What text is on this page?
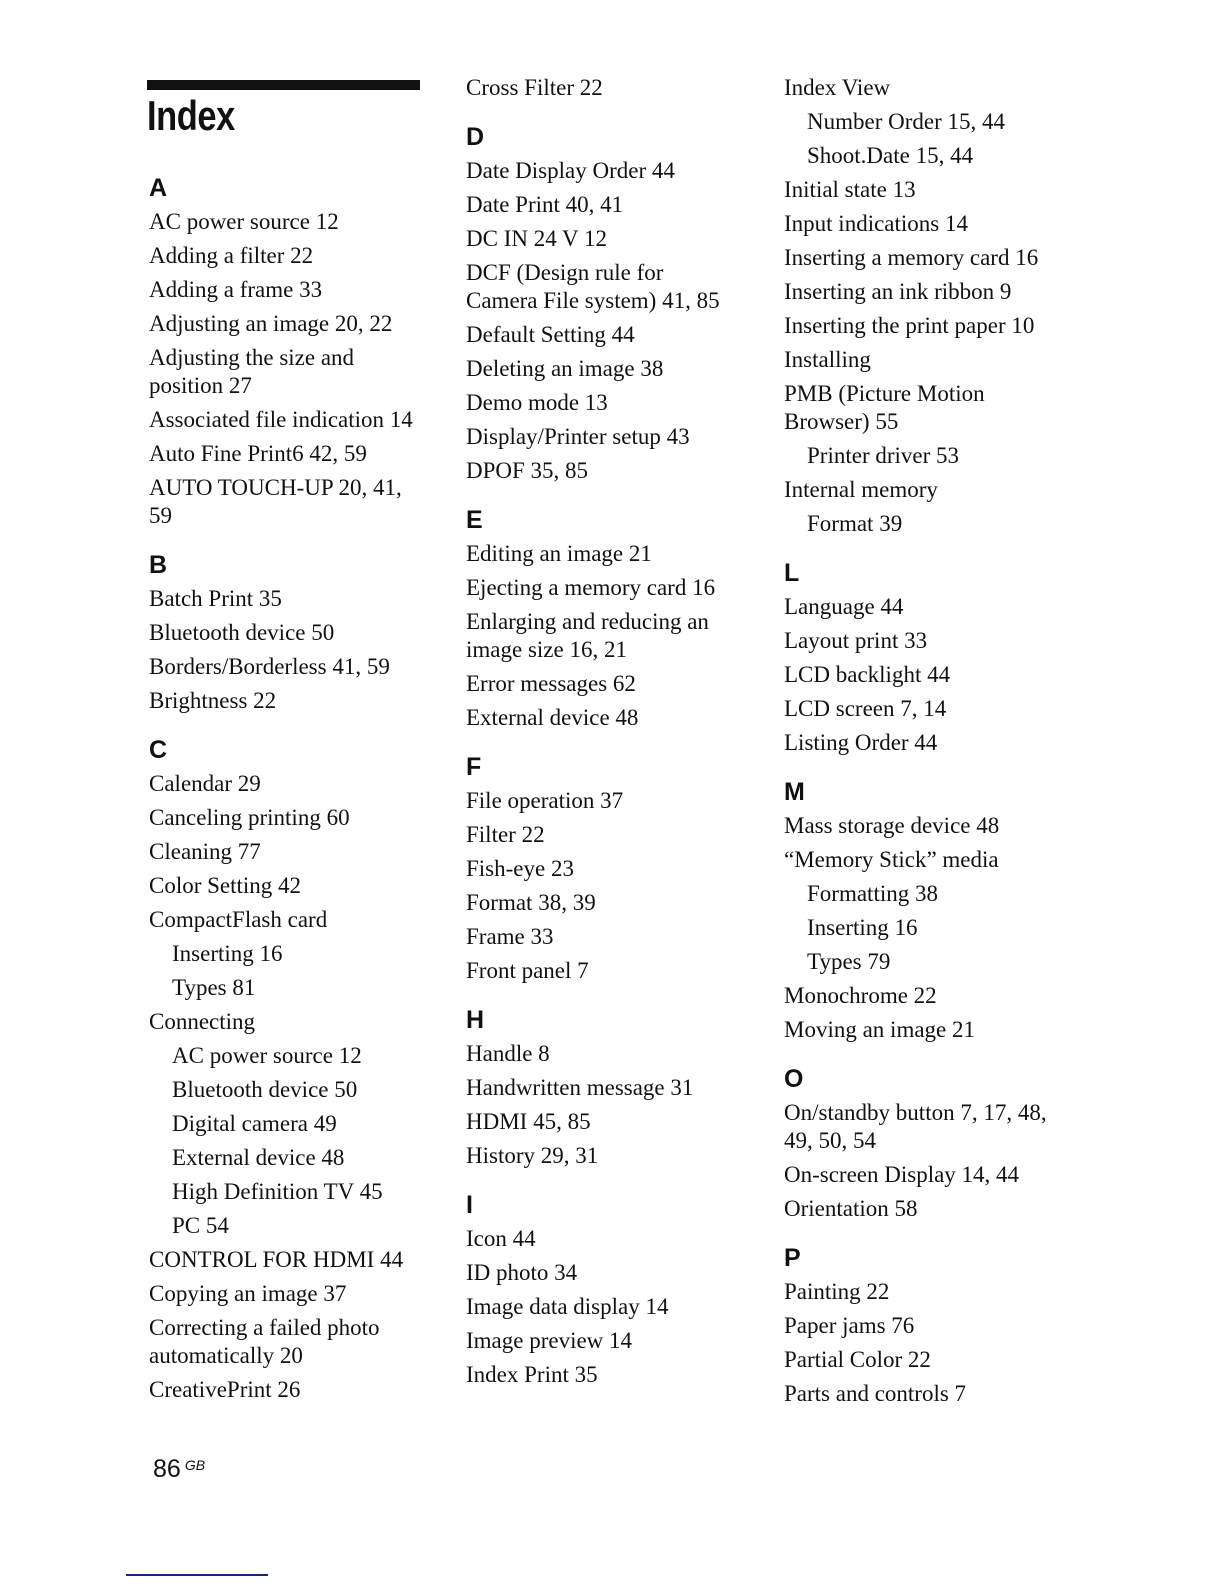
Index
A
AC power source 12
Adding a filter 22
Adding a frame 33
Adjusting an image 20, 22
Adjusting the size and
position 27
Associated file indication 14
Auto Fine Print6 42, 59
AUTO TOUCH-UP 20, 41,
59
B
Batch Print 35
Bluetooth device 50
Borders/Borderless 41, 59
Brightness 22
C
Calendar 29
Canceling printing 60
Cleaning 77
Color Setting 42
CompactFlash card
Inserting 16
Types 81
Connecting
AC power source 12
Bluetooth device 50
Digital camera 49
External device 48
High Definition TV 45
PC 54
CONTROL FOR HDMI 44
Copying an image 37
Correcting a failed photo
automatically 20
CreativePrint 26
Cross Filter 22
D
Date Display Order 44
Date Print 40, 41
DC IN 24 V 12
DCF (Design rule for
Camera File system) 41, 85
Default Setting 44
Deleting an image 38
Demo mode 13
Display/Printer setup 43
DPOF 35, 85
E
Editing an image 21
Ejecting a memory card 16
Enlarging and reducing an
image size 16, 21
Error messages 62
External device 48
F
File operation 37
Filter 22
Fish-eye 23
Format 38, 39
Frame 33
Front panel 7
H
Handle 8
Handwritten message 31
HDMI 45, 85
History 29, 31
I
Icon 44
ID photo 34
Image data display 14
Image preview 14
Index Print 35
Index View
Number Order 15, 44
Shoot.Date 15, 44
Initial state 13
Input indications 14
Inserting a memory card 16
Inserting an ink ribbon 9
Inserting the print paper 10
Installing
PMB (Picture Motion
Browser) 55
Printer driver 53
Internal memory
Format 39
L
Language 44
Layout print 33
LCD backlight 44
LCD screen 7, 14
Listing Order 44
M
Mass storage device 48
“Memory Stick” media
Formatting 38
Inserting 16
Types 79
Monochrome 22
Moving an image 21
O
On/standby button 7, 17, 48,
49, 50, 54
On-screen Display 14, 44
Orientation 58
P
Painting 22
Paper jams 76
Partial Color 22
Parts and controls 7
86 $^{GB}$
